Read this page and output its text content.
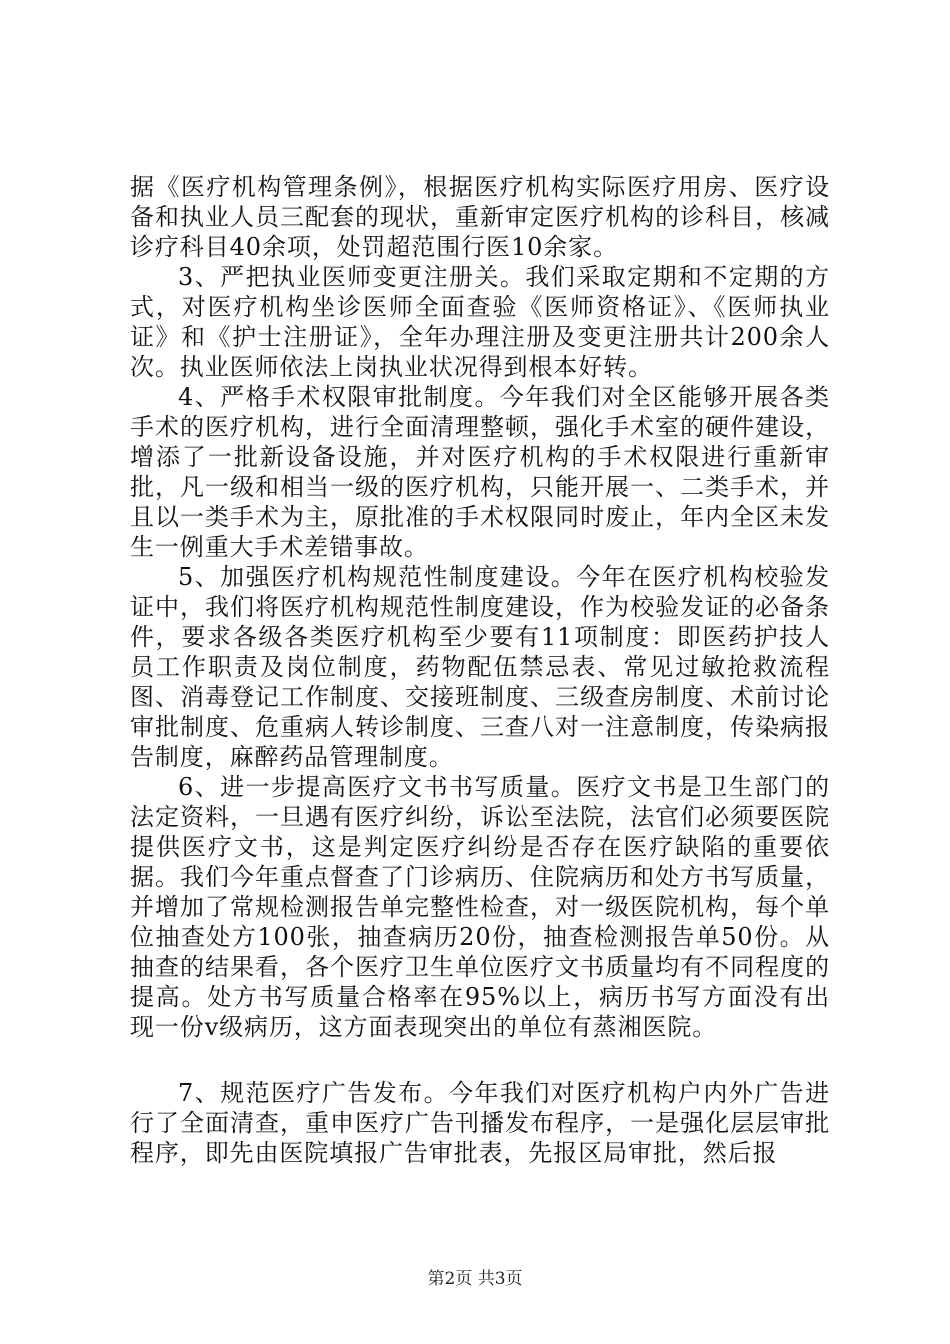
据《医疗机构管理条例》，根据医疗机构实际医疗用房、医疗设备和执业人员三配套的现状，重新审定医疗机构的诊科目，核减诊疗科目40余项，处罚超范围行医10余家。

3、严把执业医师变更注册关。我们采取定期和不定期的方式，对医疗机构坐诊医师全面查验《医师资格证》、《医师执业证》和《护士注册证》，全年办理注册及变更注册共计200余人次。执业医师依法上岗执业状况得到根本好转。

4、严格手术权限审批制度。今年我们对全区能够开展各类手术的医疗机构，进行全面清理整顿，强化手术室的硬件建设，增添了一批新设备设施，并对医疗机构的手术权限进行重新审批，凡一级和相当一级的医疗机构，只能开展一、二类手术，并且以一类手术为主，原批准的手术权限同时废止，年内全区未发生一例重大手术差错事故。

5、加强医疗机构规范性制度建设。今年在医疗机构校验发证中，我们将医疗机构规范性制度建设，作为校验发证的必备条件，要求各级各类医疗机构至少要有11项制度：即医药护技人员工作职责及岗位制度，药物配伍禁忌表、常见过敏抢救流程图、消毒登记工作制度、交接班制度、三级查房制度、术前讨论审批制度、危重病人转诊制度、三查八对一注意制度，传染病报告制度，麻醉药品管理制度。

6、进一步提高医疗文书书写质量。医疗文书是卫生部门的法定资料，一旦遇有医疗纠纷，诉讼至法院，法官们必须要医院提供医疗文书，这是判定医疗纠纷是否存在医疗缺陷的重要依据。我们今年重点督查了门诊病历、住院病历和处方书写质量，并增加了常规检测报告单完整性检查，对一级医院机构，每个单位抽查处方100张，抽查病历20份，抽查检测报告单50份。从抽查的结果看，各个医疗卫生单位医疗文书质量均有不同程度的提高。处方书写质量合格率在95%以上，病历书写方面没有出现一份v级病历，这方面表现突出的单位有蒸湘医院。

7、规范医疗广告发布。今年我们对医疗机构户内外广告进行了全面清查，重申医疗广告刊播发布程序，一是强化层层审批程序，即先由医院填报广告审批表，先报区局审批，然后报

第2页 共3页
